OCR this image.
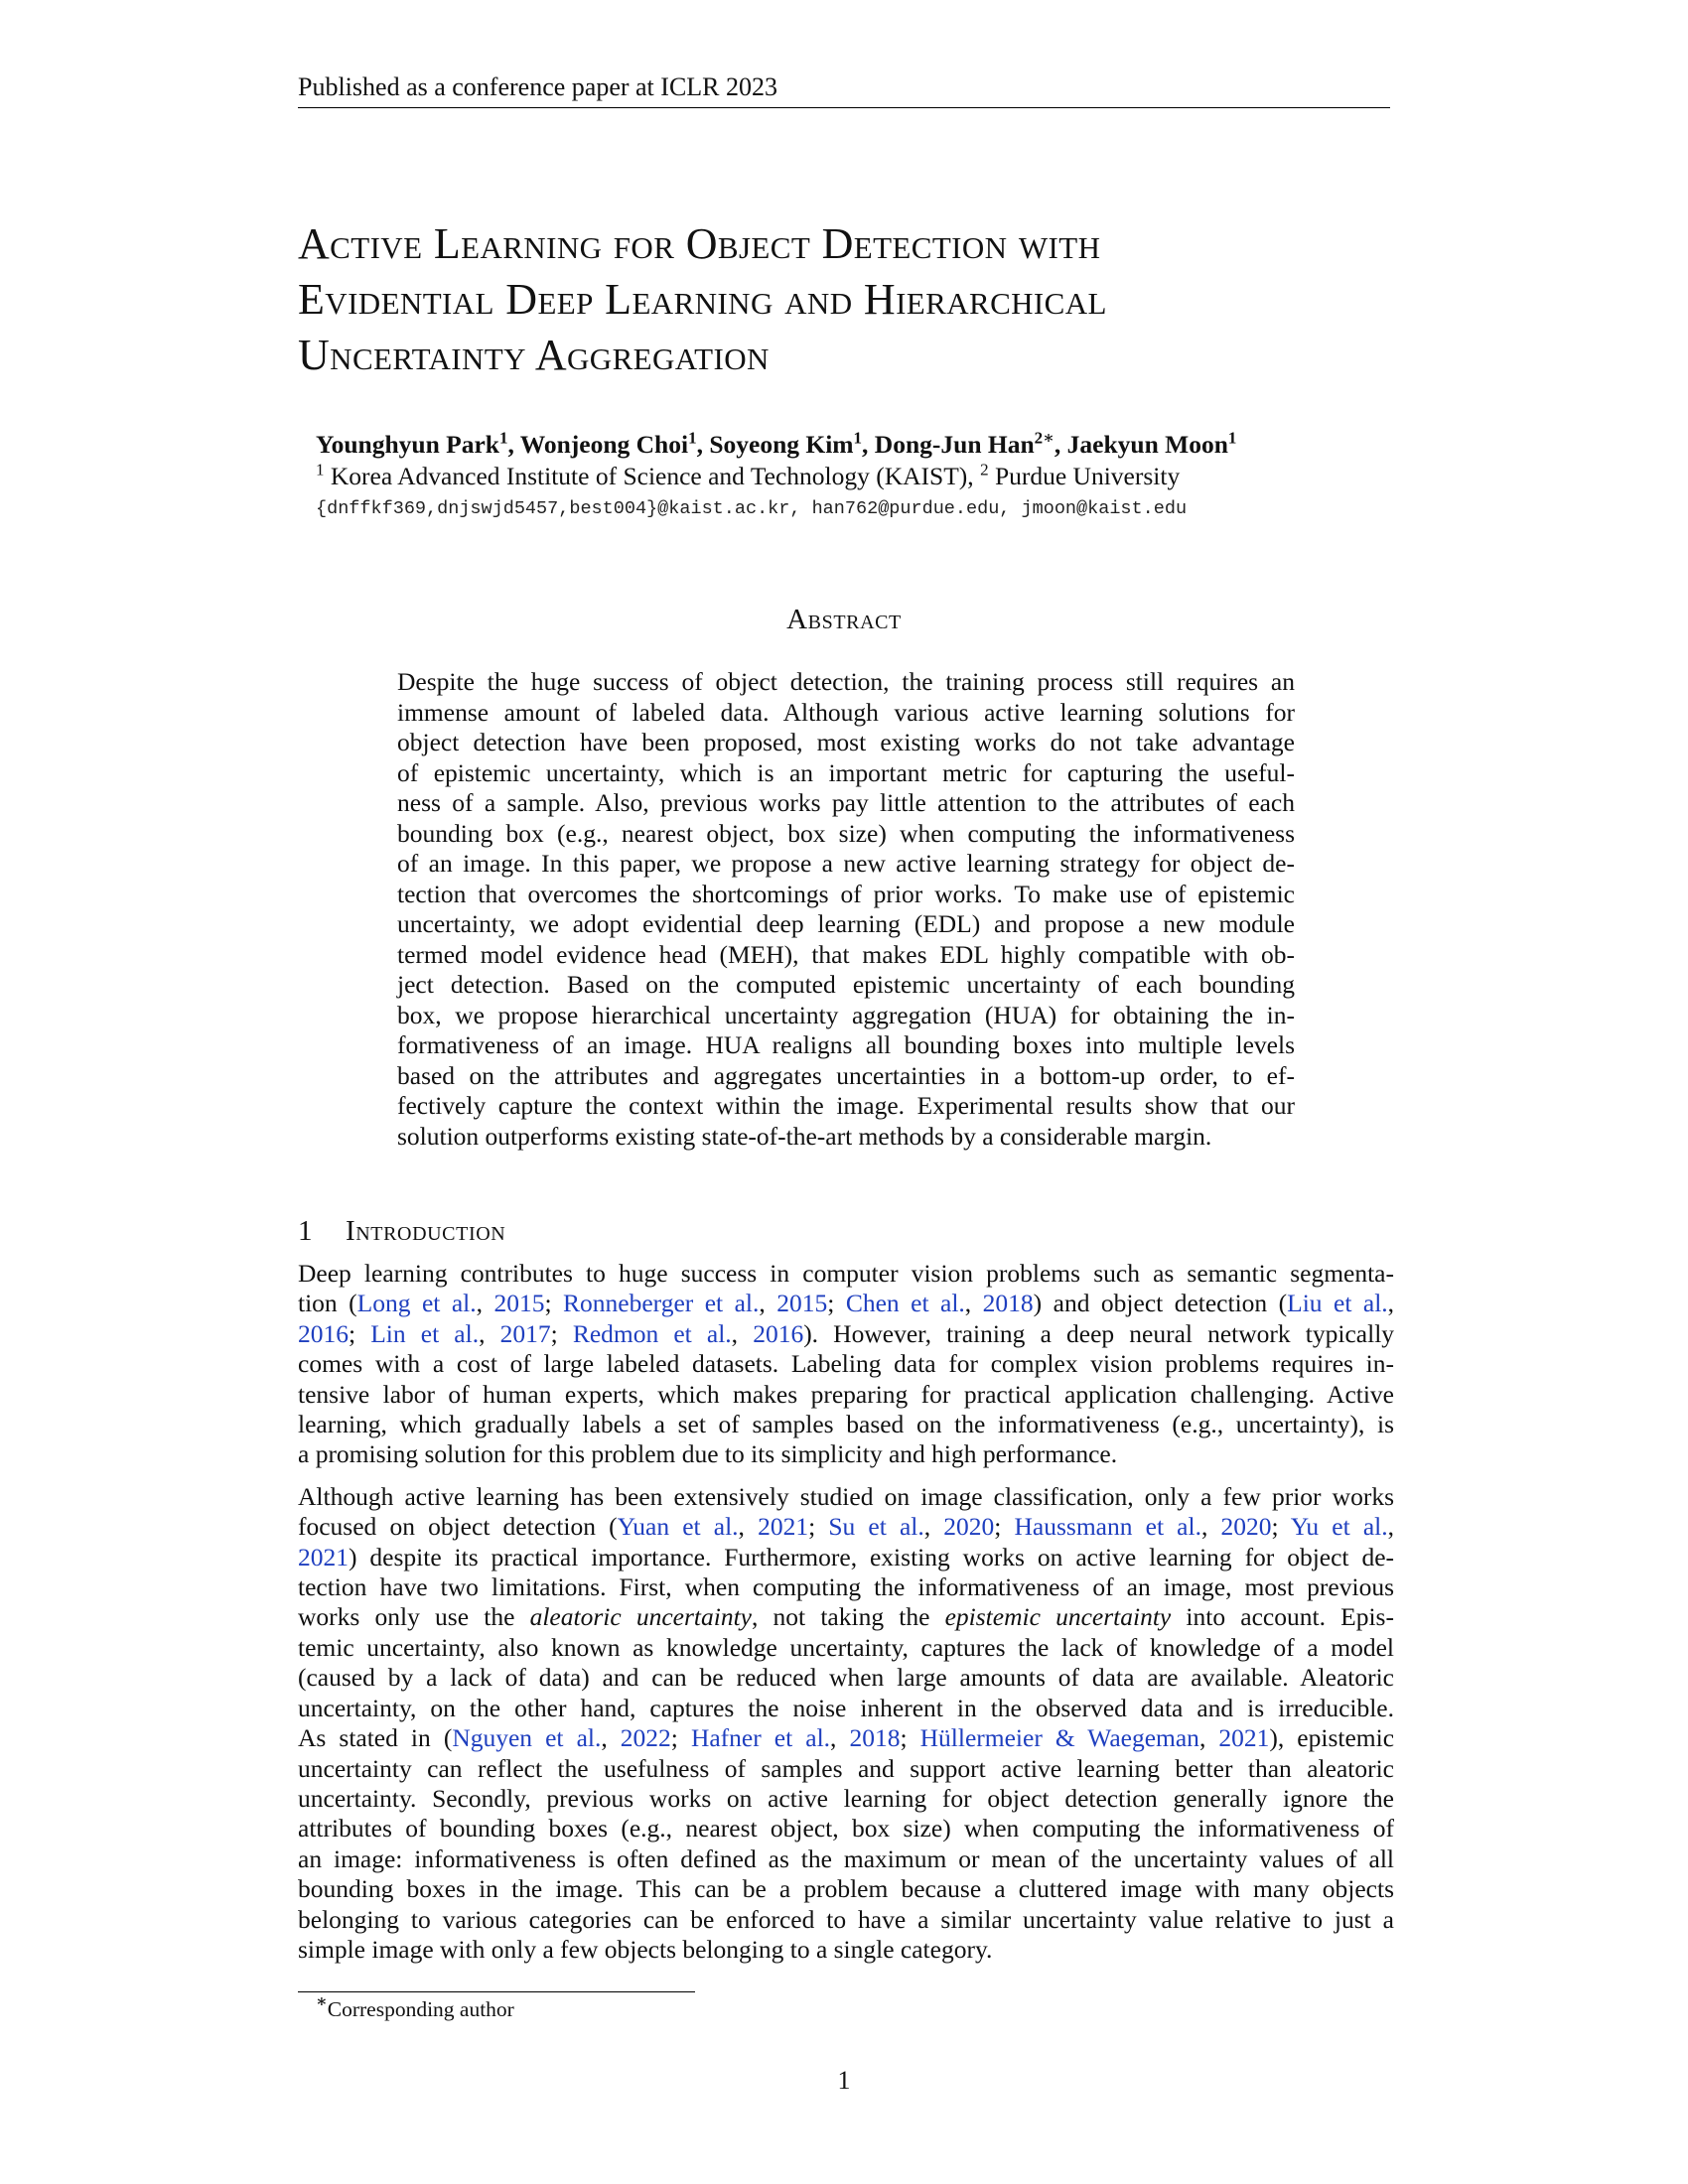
Published as a conference paper at ICLR 2023
Active Learning for Object Detection with
Evidential Deep Learning and Hierarchical
Uncertainty Aggregation
Younghyun Park$^1$, Wonjeong Choi$^1$, Soyeong Kim$^1$, Dong-Jun Han$^{2∗}$, Jaekyun Moon$^1$
$^1$ Korea Advanced Institute of Science and Technology (KAIST), $^2$ Purdue University
{dnffkf369,dnjswjd5457,best004}@kaist.ac.kr, han762@purdue.edu, jmoon@kaist.edu
Abstract
Despite the huge success of object detection, the training process still requires an
immense amount of labeled data. Although various active learning solutions for
object detection have been proposed, most existing works do not take advantage
of epistemic uncertainty, which is an important metric for capturing the useful-
ness of a sample. Also, previous works pay little attention to the attributes of each
bounding box (e.g., nearest object, box size) when computing the informativeness
of an image. In this paper, we propose a new active learning strategy for object de-
tection that overcomes the shortcomings of prior works. To make use of epistemic
uncertainty, we adopt evidential deep learning (EDL) and propose a new module
termed model evidence head (MEH), that makes EDL highly compatible with ob-
ject detection. Based on the computed epistemic uncertainty of each bounding
box, we propose hierarchical uncertainty aggregation (HUA) for obtaining the in-
formativeness of an image. HUA realigns all bounding boxes into multiple levels
based on the attributes and aggregates uncertainties in a bottom-up order, to ef-
fectively capture the context within the image. Experimental results show that our
solution outperforms existing state-of-the-art methods by a considerable margin.
1 Introduction

Deep learning contributes to huge success in computer vision problems such as semantic segmenta-
tion (Long et al., 2015; Ronneberger et al., 2015; Chen et al., 2018) and object detection (Liu et al.,
2016; Lin et al., 2017; Redmon et al., 2016). However, training a deep neural network typically
comes with a cost of large labeled datasets. Labeling data for complex vision problems requires in-
tensive labor of human experts, which makes preparing for practical application challenging. Active
learning, which gradually labels a set of samples based on the informativeness (e.g., uncertainty), is
a promising solution for this problem due to its simplicity and high performance.

Although active learning has been extensively studied on image classification, only a few prior works
focused on object detection (Yuan et al., 2021; Su et al., 2020; Haussmann et al., 2020; Yu et al.,
2021) despite its practical importance. Furthermore, existing works on active learning for object de-
tection have two limitations. First, when computing the informativeness of an image, most previous
works only use the aleatoric uncertainty, not taking the epistemic uncertainty into account. Epis-
temic uncertainty, also known as knowledge uncertainty, captures the lack of knowledge of a model
(caused by a lack of data) and can be reduced when large amounts of data are available. Aleatoric
uncertainty, on the other hand, captures the noise inherent in the observed data and is irreducible.
As stated in (Nguyen et al., 2022; Hafner et al., 2018; Hüllermeier & Waegeman, 2021), epistemic
uncertainty can reflect the usefulness of samples and support active learning better than aleatoric
uncertainty. Secondly, previous works on active learning for object detection generally ignore the
attributes of bounding boxes (e.g., nearest object, box size) when computing the informativeness of
an image: informativeness is often defined as the maximum or mean of the uncertainty values of all
bounding boxes in the image. This can be a problem because a cluttered image with many objects
belonging to various categories can be enforced to have a similar uncertainty value relative to just a
simple image with only a few objects belonging to a single category.

∗Corresponding author
1
